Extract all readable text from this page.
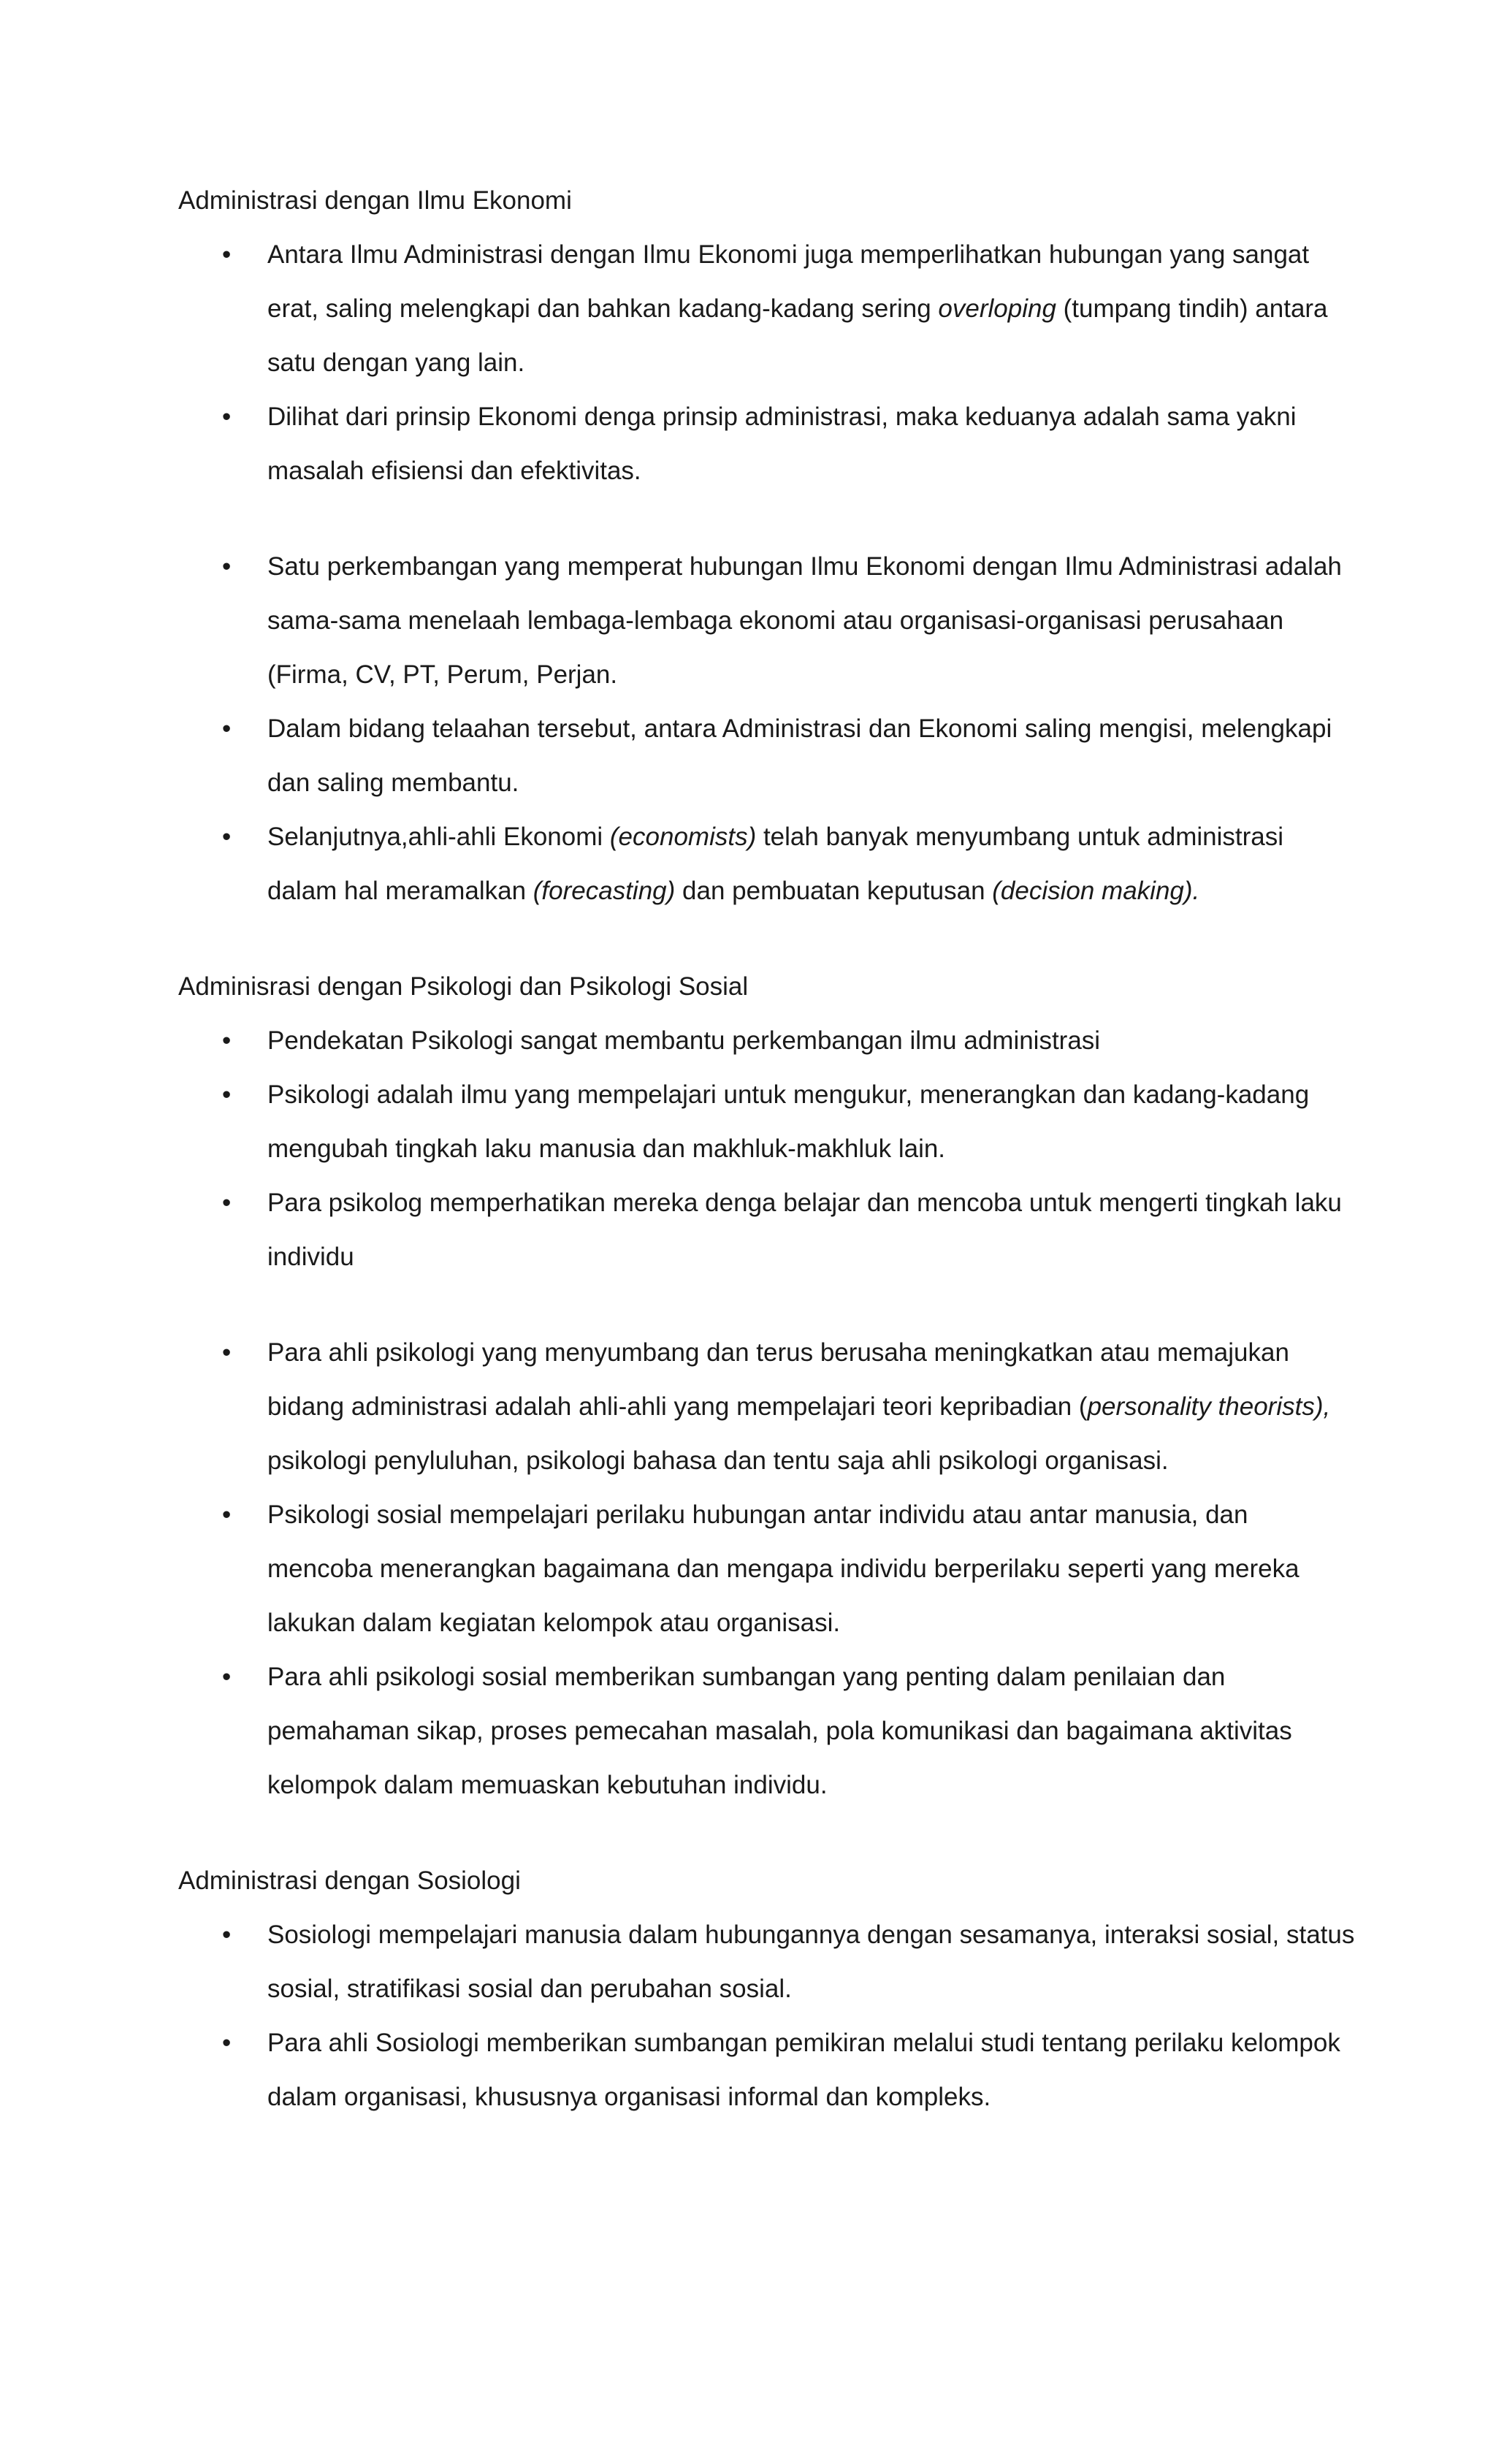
Administrasi dengan Ilmu Ekonomi

• Antara Ilmu Administrasi dengan Ilmu Ekonomi juga memperlihatkan hubungan yang sangat erat, saling melengkapi dan bahkan kadang-kadang sering overloping (tumpang tindih) antara satu dengan yang lain.
• Dilihat dari prinsip Ekonomi denga prinsip administrasi, maka keduanya adalah sama yakni masalah efisiensi dan efektivitas.
• Satu perkembangan yang memperat hubungan Ilmu Ekonomi dengan Ilmu Administrasi adalah sama-sama menelaah lembaga-lembaga ekonomi atau organisasi-organisasi perusahaan (Firma, CV, PT, Perum, Perjan.
• Dalam bidang telaahan tersebut, antara Administrasi dan Ekonomi saling mengisi, melengkapi dan saling membantu.
• Selanjutnya,ahli-ahli Ekonomi (economists) telah banyak menyumbang untuk administrasi dalam hal meramalkan (forecasting) dan pembuatan keputusan (decision making).

Adminisrasi dengan Psikologi dan Psikologi Sosial

• Pendekatan Psikologi sangat membantu perkembangan ilmu administrasi
• Psikologi adalah ilmu yang mempelajari untuk mengukur, menerangkan dan kadang-kadang mengubah tingkah laku manusia dan makhluk-makhluk lain.
• Para psikolog memperhatikan mereka denga belajar dan mencoba untuk mengerti tingkah laku individu
• Para ahli psikologi yang menyumbang dan terus berusaha meningkatkan atau memajukan bidang administrasi adalah ahli-ahli yang mempelajari teori kepribadian (personality theorists), psikologi penyluluhan, psikologi bahasa dan tentu saja ahli psikologi organisasi.
• Psikologi sosial mempelajari perilaku hubungan antar individu atau antar manusia, dan mencoba menerangkan bagaimana dan mengapa individu berperilaku seperti yang mereka lakukan dalam kegiatan kelompok atau organisasi.
• Para ahli psikologi sosial memberikan sumbangan yang penting dalam penilaian dan pemahaman sikap, proses pemecahan masalah, pola komunikasi dan bagaimana aktivitas kelompok dalam memuaskan kebutuhan individu.

Administrasi dengan Sosiologi

• Sosiologi mempelajari manusia dalam hubungannya dengan sesamanya, interaksi sosial, status sosial, stratifikasi sosial dan perubahan sosial.
• Para ahli Sosiologi memberikan sumbangan pemikiran melalui studi tentang perilaku kelompok dalam organisasi, khususnya organisasi informal dan kompleks.
